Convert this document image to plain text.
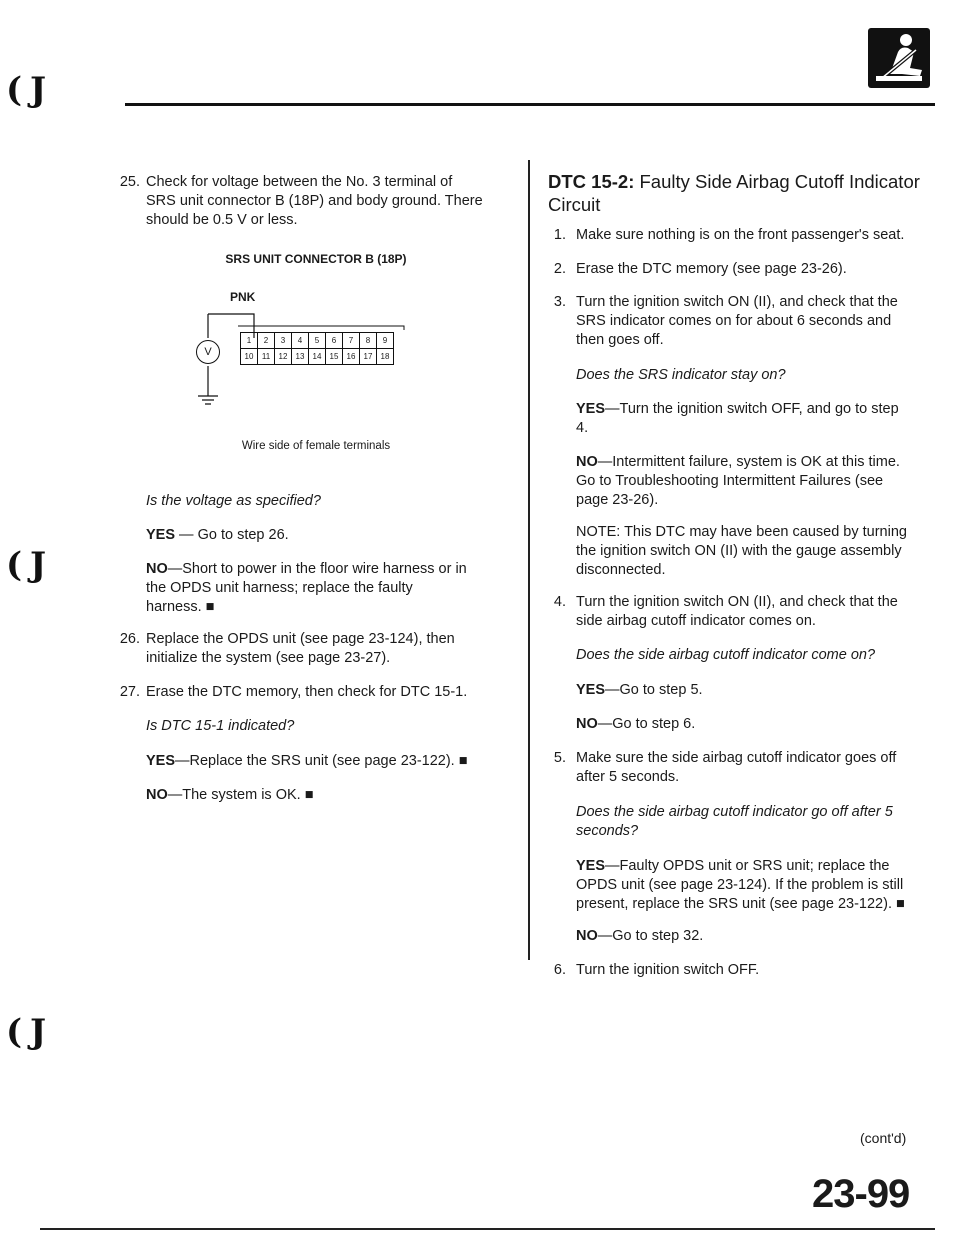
( J
( J
( J
25. Check for voltage between the No. 3 terminal of
SRS unit connector B (18P) and body ground. There
should be 0.5 V or less.
SRS UNIT CONNECTOR B (18P)
PNK
V
1	2	3	4	5	6	7	8	9
10	11	12	13	14	15	16	17	18
Wire side of female terminals
Is the voltage as specified?
YES — Go to step 26.
NO—Short to power in the floor wire harness or in
the OPDS unit harness; replace the faulty
harness. ■
26. Replace the OPDS unit (see page 23-124), then
initialize the system (see page 23-27).
27. Erase the DTC memory, then check for DTC 15-1.
Is DTC 15-1 indicated?
YES—Replace the SRS unit (see page 23-122). ■
NO—The system is OK. ■
DTC 15-2: Faulty Side Airbag Cutoff Indicator
Circuit
1. Make sure nothing is on the front passenger's seat.
2. Erase the DTC memory (see page 23-26).
3. Turn the ignition switch ON (II), and check that the
SRS indicator comes on for about 6 seconds and
then goes off.
Does the SRS indicator stay on?
YES—Turn the ignition switch OFF, and go to step
4.
NO—Intermittent failure, system is OK at this time.
Go to Troubleshooting Intermittent Failures (see
page 23-26).
NOTE: This DTC may have been caused by turning
the ignition switch ON (II) with the gauge assembly
disconnected.
4. Turn the ignition switch ON (II), and check that the
side airbag cutoff indicator comes on.
Does the side airbag cutoff indicator come on?
YES—Go to step 5.
NO—Go to step 6.
5. Make sure the side airbag cutoff indicator goes off
after 5 seconds.
Does the side airbag cutoff indicator go off after 5
seconds?
YES—Faulty OPDS unit or SRS unit; replace the
OPDS unit (see page 23-124). If the problem is still
present, replace the SRS unit (see page 23-122). ■
NO—Go to step 32.
6. Turn the ignition switch OFF.
(cont'd)
23-99
